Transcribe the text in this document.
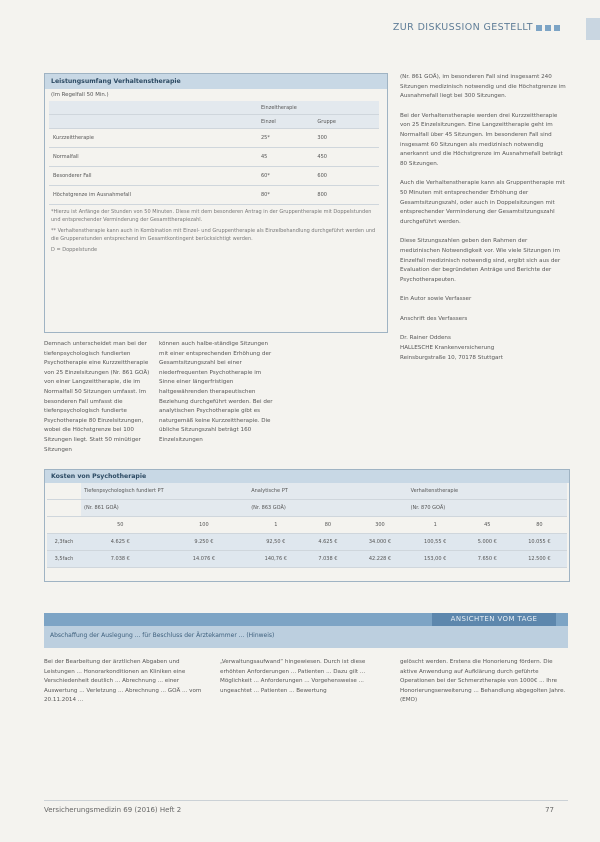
ZUR DISKUSSION GESTELLT
Leistungsumfang Verhaltenstherapie
(Im Regelfall 50 Min.)
	Einzeltherapie	
	Einzel	Gruppe
Kurzzeittherapie	25*	300
Normalfall	45	450
Besonderer Fall	60*	600
Höchstgrenze im Ausnahmefall	80*	800
*Hierzu ist Anfänge der Stunden von 50 Minuten. Diese mit dem besonderen Antrag in der Gruppentherapie mit Doppelstunden und entsprechender Verminderung der Gesamttherapiezahl.
** Verhaltenstherapie kann auch in Kombination mit Einzel- und Gruppentherapie als Einzelbehandlung durchgeführt werden und die Gruppenstunden entsprechend im Gesamtkontingent berücksichtigt werden.
D = Doppelstunde

(Nr. 861 GOÄ), im besonderen Fall sind insgesamt 240 Sitzungen medizinisch notwendig und die Höchstgrenze im Ausnahmefall liegt bei 300 Sitzungen.

Bei der Verhaltenstherapie werden drei Kurzzeittherapie von 25 Einzelsitzungen. Eine Langzeittherapie geht im Normalfall über 45 Sitzungen. Im besonderen Fall sind insgesamt 60 Sitzungen als medizinisch notwendig anerkannt und die Höchstgrenze im Ausnahmefall beträgt 80 Sitzungen.

Auch die Verhaltenstherapie kann als Gruppentherapie mit 50 Minuten mit entsprechender Erhöhung der Gesamtsitzungszahl, oder auch in Doppelsitzungen mit entsprechender Verminderung der Gesamtsitzungszahl durchgeführt werden.

Diese Sitzungszahlen geben den Rahmen der medizinischen Notwendigkeit vor. Wie viele Sitzungen im Einzelfall medizinisch notwendig sind, ergibt sich aus der Evaluation der begründeten Anträge und Berichte der Psychotherapeuten.

Ein Autor sowie Verfasser

Anschrift des Verfassers

Dr. Rainer Oddens
HALLESCHE Krankenversicherung
Reinsburgstraße 10, 70178 Stuttgart
Demnach unterscheidet man bei der tiefenpsychologisch fundierten Psychotherapie eine Kurzzeittherapie von 25 Einzelsitzungen (Nr. 861 GOÄ) von einer Langzeittherapie, die im Normalfall 50 Sitzungen umfasst. Im besonderen Fall umfasst die tiefenpsychologisch fundierte Psychotherapie 80 Einzelsitzungen, wobei die Höchstgrenze bei 100 Sitzungen liegt. Statt 50 minütiger Sitzungen
können auch halbe-ständige Sitzungen mit einer entsprechenden Erhöhung der Gesamtsitzungszahl bei einer niederfrequenten Psychotherapie im Sinne einer längerfristigen haltgewährenden therapeutischen Beziehung durchgeführt werden. Bei der analytischen Psychotherapie gibt es naturgemäß keine Kurzzeittherapie. Die übliche Sitzungszahl beträgt 160 Einzelsitzungen
Kosten von Psychotherapie
	Tiefenpsychologisch fundiert PT		Analytische PT			Verhaltenstherapie		
	(Nr. 861 GOÄ)		(Nr. 863 GOÄ)			(Nr. 870 GOÄ)		
	50	100	1	80	300	1	45	80
2,3fach	4.625 €	9.250 €	92,50 €	4.625 €	34.000 €	100,55 €	5.000 €	10.055 €
3,5fach	7.038 €	14.076 €	140,76 €	7.038 €	42.228 €	153,00 €	7.650 €	12.500 €
ANSICHTEN VOM TAGE
Abschaffung der Auslegung ... für Beschluss der Ärztekammer ... (Hinweis)
Bei der Bearbeitung der ärztlichen Abgaben und Leistungen ... Honorarkonditionen an Kliniken eine Verschiedenheit deutlich ... Abrechnung ... einer Auswertung ... Verletzung ... Abrechnung ... GOÄ ... vom 20.11.2014 ...
„Verwaltungsaufwand“ hingewiesen. Durch ist diese erhöhten Anforderungen ... Patienten ... Dazu gilt ... Möglichkeit ... Anforderungen ... Vorgehensweise ... ungeachtet ... Patienten ... Bewertung
gelöscht werden. Erstens die Honorierung fördern. Die aktive Anwendung auf Aufklärung durch geführte Operationen bei der Schmerztherapie von 1000€ ... Ihre Honorierungserweiterung ... Behandlung abgegolten Jahre. (EMO)
Versicherungsmedizin 69 (2016) Heft 2	77
